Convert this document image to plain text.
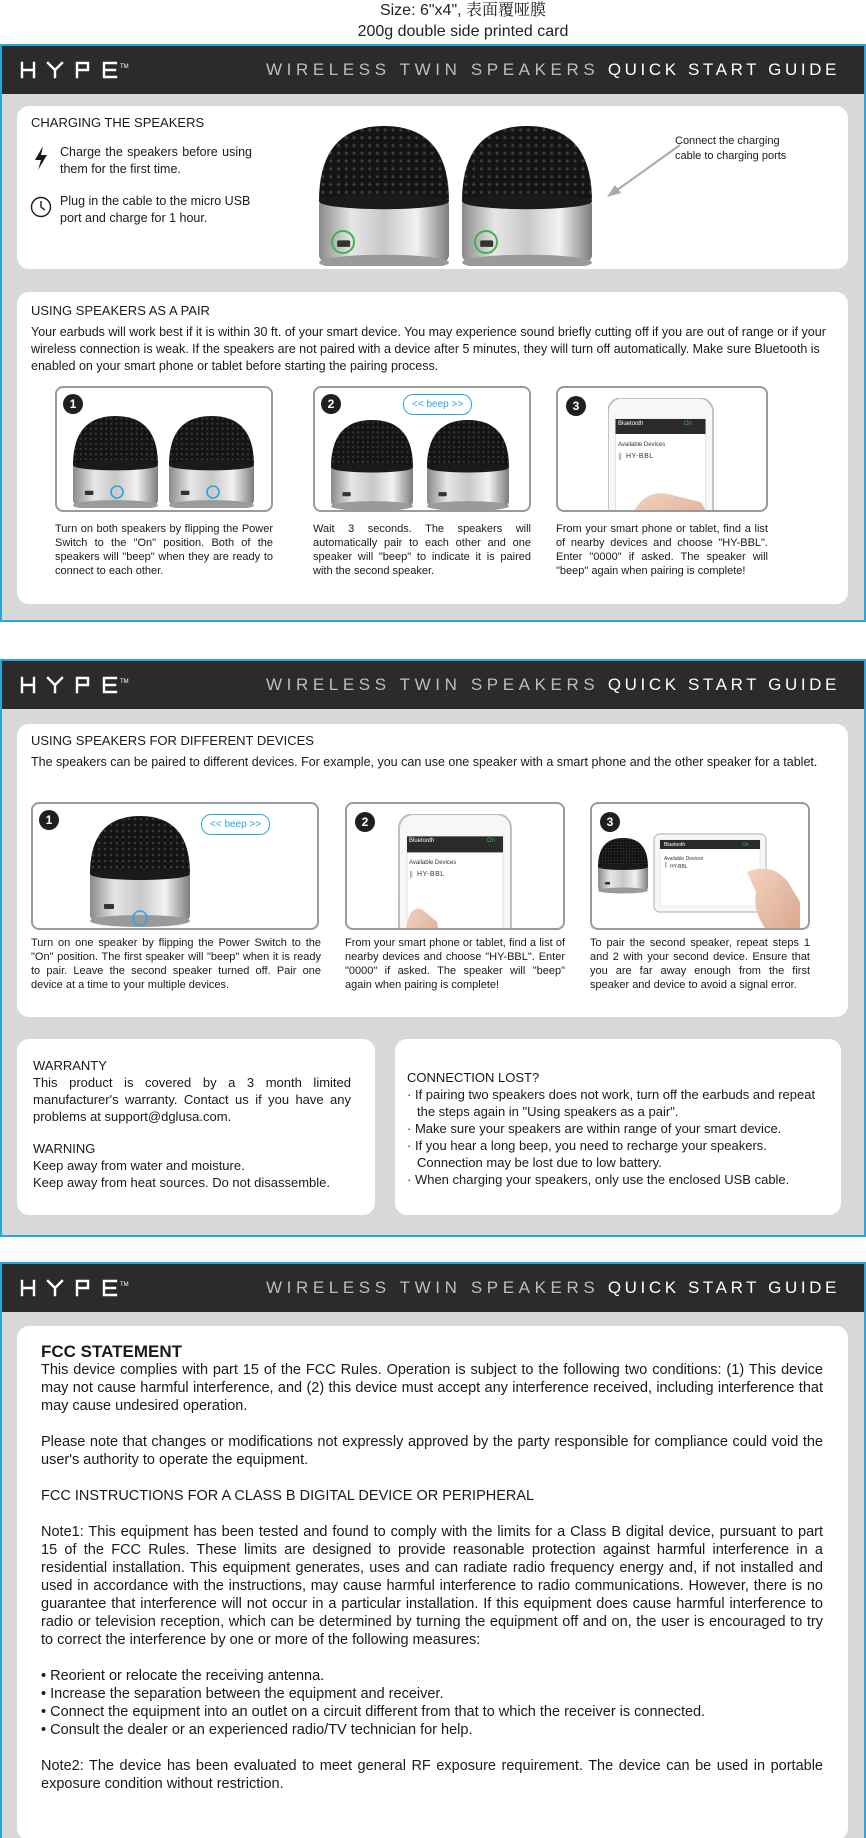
Size: 6"x4", 表面覆哑膜
200g double side printed card
TM	WIRELESS TWIN SPEAKERS QUICK START GUIDE
CHARGING THE SPEAKERS
Charge the speakers before using them for the first time.
Plug in the cable to the micro USB port and charge for 1 hour.
Connect the charging cable to charging ports
USING SPEAKERS AS A PAIR
Your earbuds will work best if it is within 30 ft. of your smart device. You may experience sound briefly cutting off if you are out of range or if your wireless connection is weak. If the speakers are not paired with a device after 5 minutes, they will turn off automatically. Make sure Bluetooth is enabled on your smart phone or tablet before starting the pairing process.
1
Turn on both speakers by flipping the Power Switch to the "On" position. Both of the speakers will "beep" when they are ready to connect to each other.
2	<< beep >>
Wait 3 seconds. The speakers will automatically pair to each other and one speaker will "beep" to indicate it is paired with the second speaker.
3
Bluetooth	On
Available Devices
ᛒ HY-BBL
From your smart phone or tablet, find a list of nearby devices and choose "HY-BBL". Enter "0000" if asked. The speaker will "beep" again when pairing is complete!
TM	WIRELESS TWIN SPEAKERS QUICK START GUIDE
USING SPEAKERS FOR DIFFERENT DEVICES
The speakers can be paired to different devices. For example, you can use one speaker with a smart phone and the other speaker for a tablet.
1	<< beep >>
Turn on one speaker by flipping the Power Switch to the "On" position. The first speaker will "beep" when it is ready to pair. Leave the second speaker turned off. Pair one device at a time to your multiple devices.
2
Bluetooth	On
Available Devices
ᛒ HY-BBL
From your smart phone or tablet, find a list of nearby devices and choose "HY-BBL". Enter "0000" if asked. The speaker will "beep" again when pairing is complete!
3
Bluetooth	On
Available Devices
ᛒ HY-BBL
To pair the second speaker, repeat steps 1 and 2 with your second device. Ensure that you are far away enough from the first speaker and device to avoid a signal error.
WARRANTY
This product is covered by a 3 month limited manufacturer's warranty. Contact us if you have any problems at support@dglusa.com.
WARNING
Keep away from water and moisture.
Keep away from heat sources. Do not disassemble.
CONNECTION LOST?
· If pairing two speakers does not work, turn off the earbuds and repeat the steps again in "Using speakers as a pair".
· Make sure your speakers are within range of your smart device.
· If you hear a long beep, you need to recharge your speakers. Connection may be lost due to low battery.
· When charging your speakers, only use the enclosed USB cable.
TM	WIRELESS TWIN SPEAKERS QUICK START GUIDE
FCC STATEMENT
This device complies with part 15 of the FCC Rules. Operation is subject to the following two conditions: (1) This device may not cause harmful interference, and (2) this device must accept any interference received, including interference that may cause undesired operation.
Please note that changes or modifications not expressly approved by the party responsible for compliance could void the user's authority to operate the equipment.
FCC INSTRUCTIONS FOR A CLASS B DIGITAL DEVICE OR PERIPHERAL
Note1: This equipment has been tested and found to comply with the limits for a Class B digital device, pursuant to part 15 of the FCC Rules. These limits are designed to provide reasonable protection against harmful interference in a residential installation. This equipment generates, uses and can radiate radio frequency energy and, if not installed and used in accordance with the instructions, may cause harmful interference to radio communications. However, there is no guarantee that interference will not occur in a particular installation. If this equipment does cause harmful interference to radio or television reception, which can be determined by turning the equipment off and on, the user is encouraged to try to correct the interference by one or more of the following measures:
• Reorient or relocate the receiving antenna.
• Increase the separation between the equipment and receiver.
• Connect the equipment into an outlet on a circuit different from that to which the receiver is connected.
• Consult the dealer or an experienced radio/TV technician for help.
Note2: The device has been evaluated to meet general RF exposure requirement. The device can be used in portable exposure condition without restriction.
